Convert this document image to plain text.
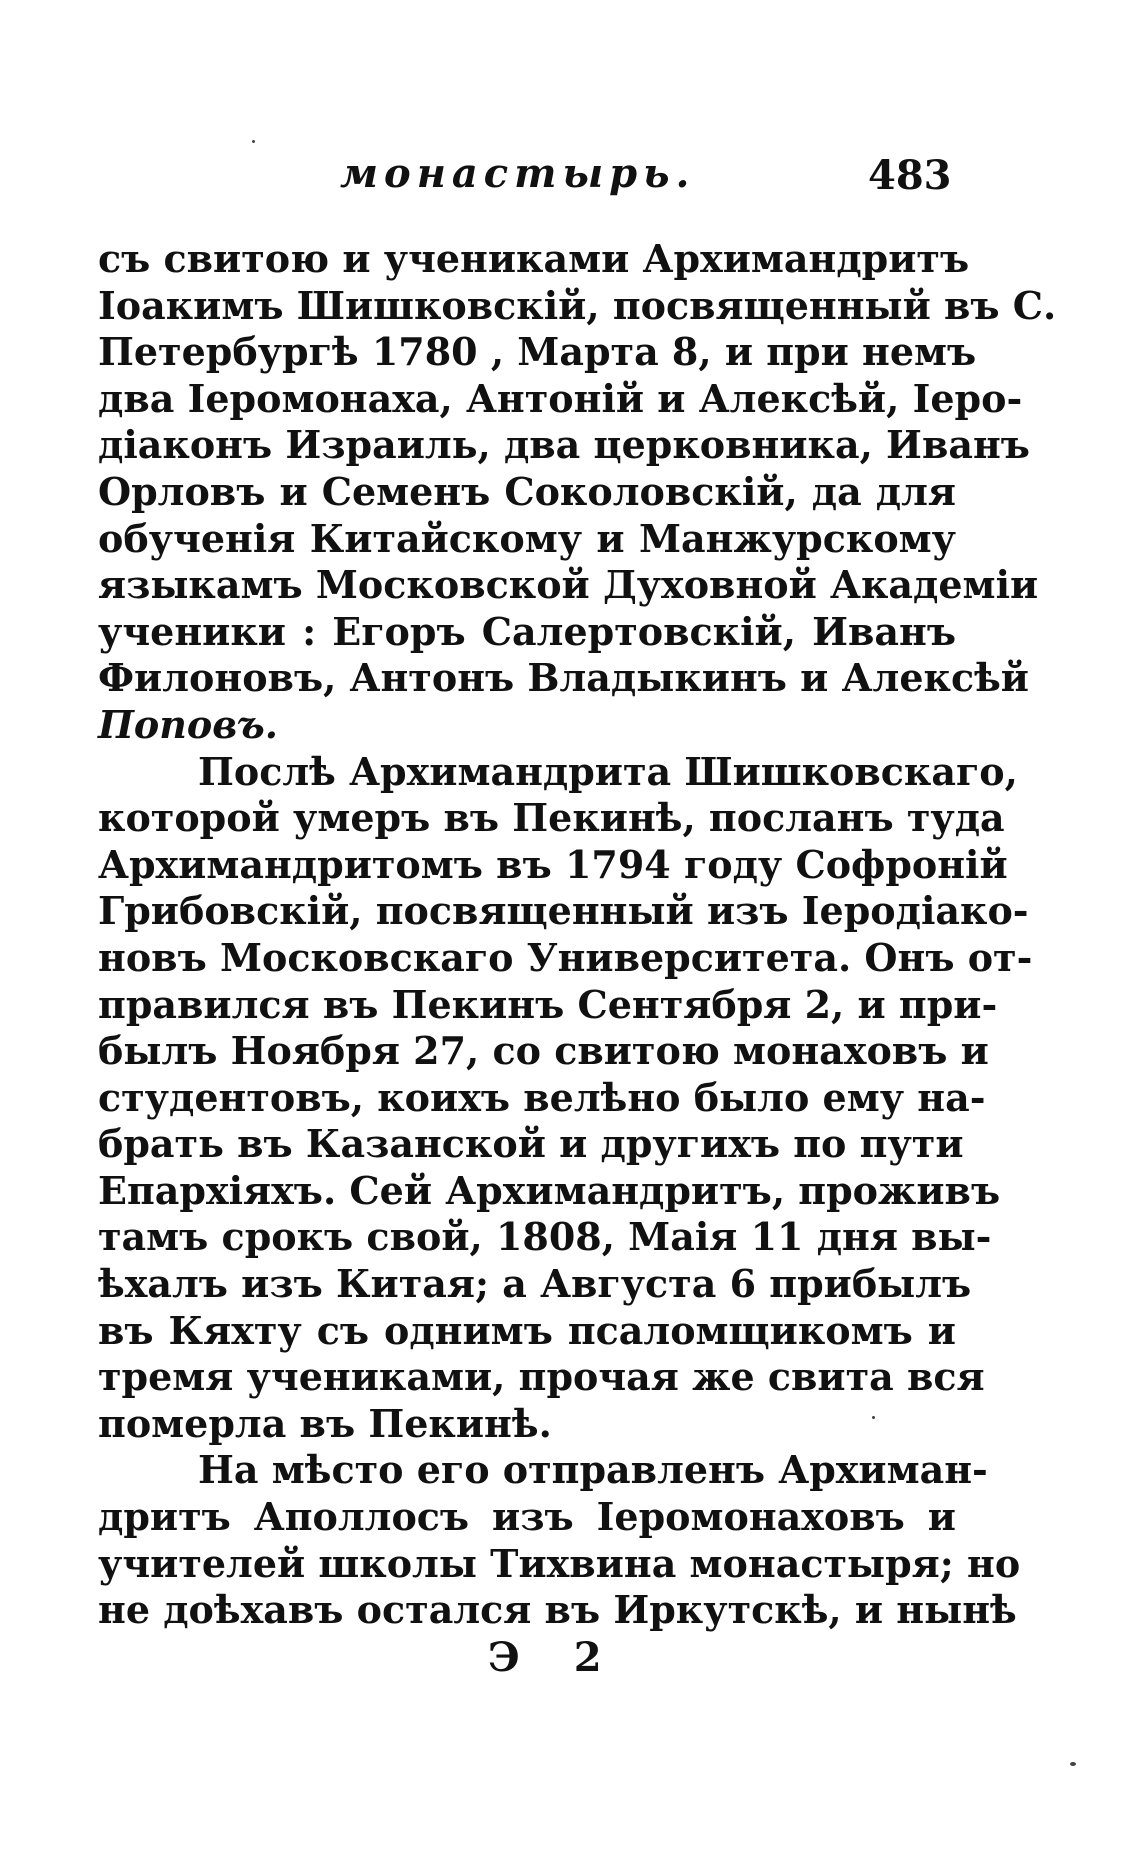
монастырь.	483
съ свитою и учениками Архимандритъ
Іоакимъ Шишковскій, посвященный въ С.
Петербургѣ 1780 , Марта 8, и при немъ
два Іеромонаха, Антоній и Алексѣй, Іеро-
діаконъ Израиль, два церковника, Иванъ
Орловъ и Семенъ Соколовскій, да для
обученія Китайскому и Манжурскому
языкамъ Московской Духовной Академіи
ученики : Егоръ Салертовскій, Иванъ
Филоновъ, Антонъ Владыкинъ и Алексѣй
Поповъ.
Послѣ Архимандрита Шишковскаго,
которой умеръ въ Пекинѣ, посланъ туда
Архимандритомъ въ 1794 году Софроній
Грибовскій, посвященный изъ Іеродіако-
новъ Московскаго Университета. Онъ от-
правился въ Пекинъ Сентября 2, и при-
былъ Ноября 27, со свитою монаховъ и
студентовъ, коихъ велѣно было ему на-
брать въ Казанской и другихъ по пути
Епархіяхъ. Сей Архимандритъ, проживъ
тамъ срокъ свой, 1808, Маія 11 дня вы-
ѣхалъ изъ Китая; а Августа 6 прибылъ
въ Кяхту съ однимъ псаломщикомъ и
тремя учениками, прочая же свита вся
померла въ Пекинѣ.
На мѣсто его отправленъ Архиман-
дритъ Аполлосъ изъ Іеромонаховъ и
учителей школы Тихвина монастыря; но
не доѣхавъ остался въ Иркутскѣ, и нынѣ
Э 2
